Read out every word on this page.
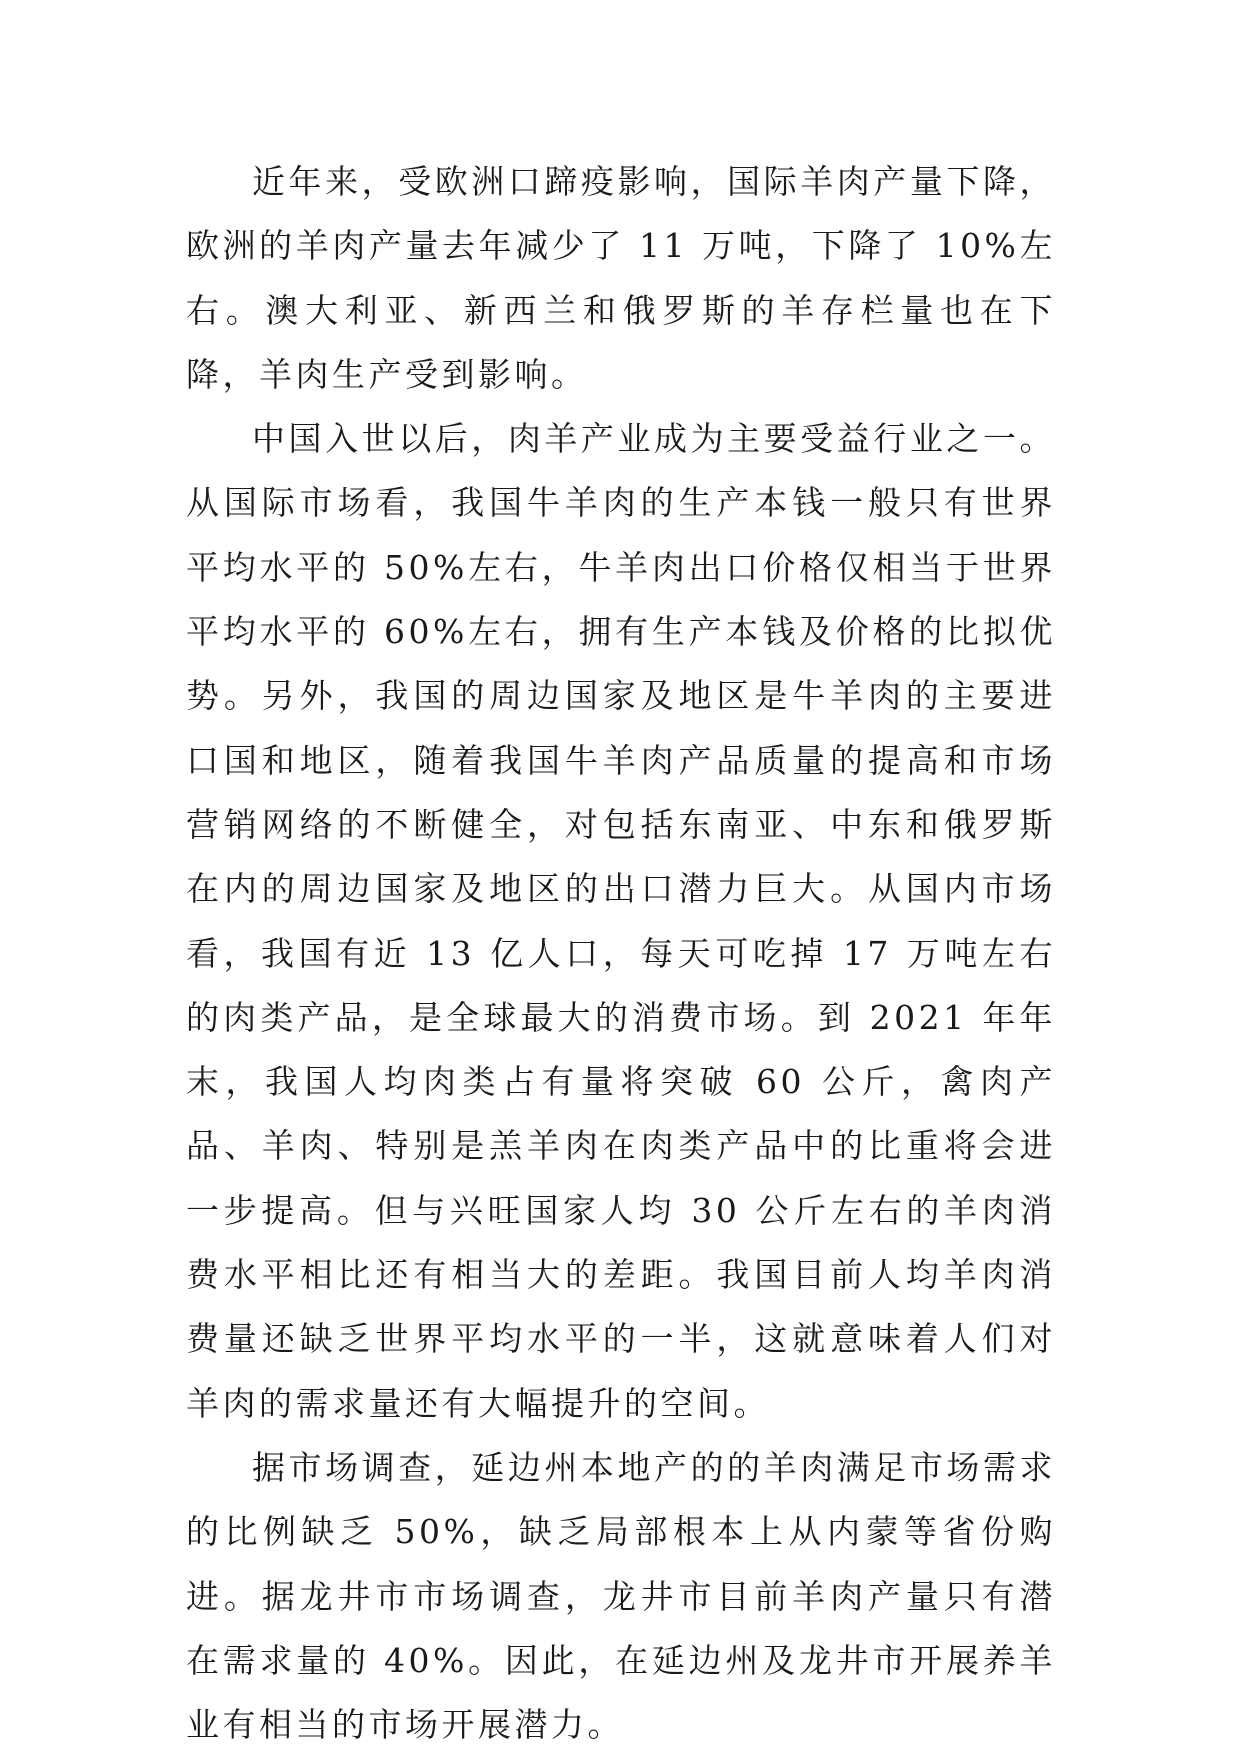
近年来，受欧洲口蹄疫影响，国际羊肉产量下降，欧洲的羊肉产量去年减少了 11 万吨，下降了 10%左右。澳大利亚、新西兰和俄罗斯的羊存栏量也在下降，羊肉生产受到影响。

中国入世以后，肉羊产业成为主要受益行业之一。从国际市场看，我国牛羊肉的生产本钱一般只有世界平均水平的 50%左右，牛羊肉出口价格仅相当于世界平均水平的 60%左右，拥有生产本钱及价格的比拟优势。另外，我国的周边国家及地区是牛羊肉的主要进口国和地区，随着我国牛羊肉产品质量的提高和市场营销网络的不断健全，对包括东南亚、中东和俄罗斯在内的周边国家及地区的出口潜力巨大。从国内市场看，我国有近 13 亿人口，每天可吃掉 17 万吨左右的肉类产品，是全球最大的消费市场。到 2021 年年末，我国人均肉类占有量将突破 60 公斤，禽肉产品、羊肉、特别是羔羊肉在肉类产品中的比重将会进一步提高。但与兴旺国家人均 30 公斤左右的羊肉消费水平相比还有相当大的差距。我国目前人均羊肉消费量还缺乏世界平均水平的一半，这就意味着人们对羊肉的需求量还有大幅提升的空间。

据市场调查，延边州本地产的的羊肉满足市场需求的比例缺乏 50%，缺乏局部根本上从内蒙等省份购进。据龙井市市场调查，龙井市目前羊肉产量只有潜在需求量的 40%。因此，在延边州及龙井市开展养羊业有相当的市场开展潜力。
